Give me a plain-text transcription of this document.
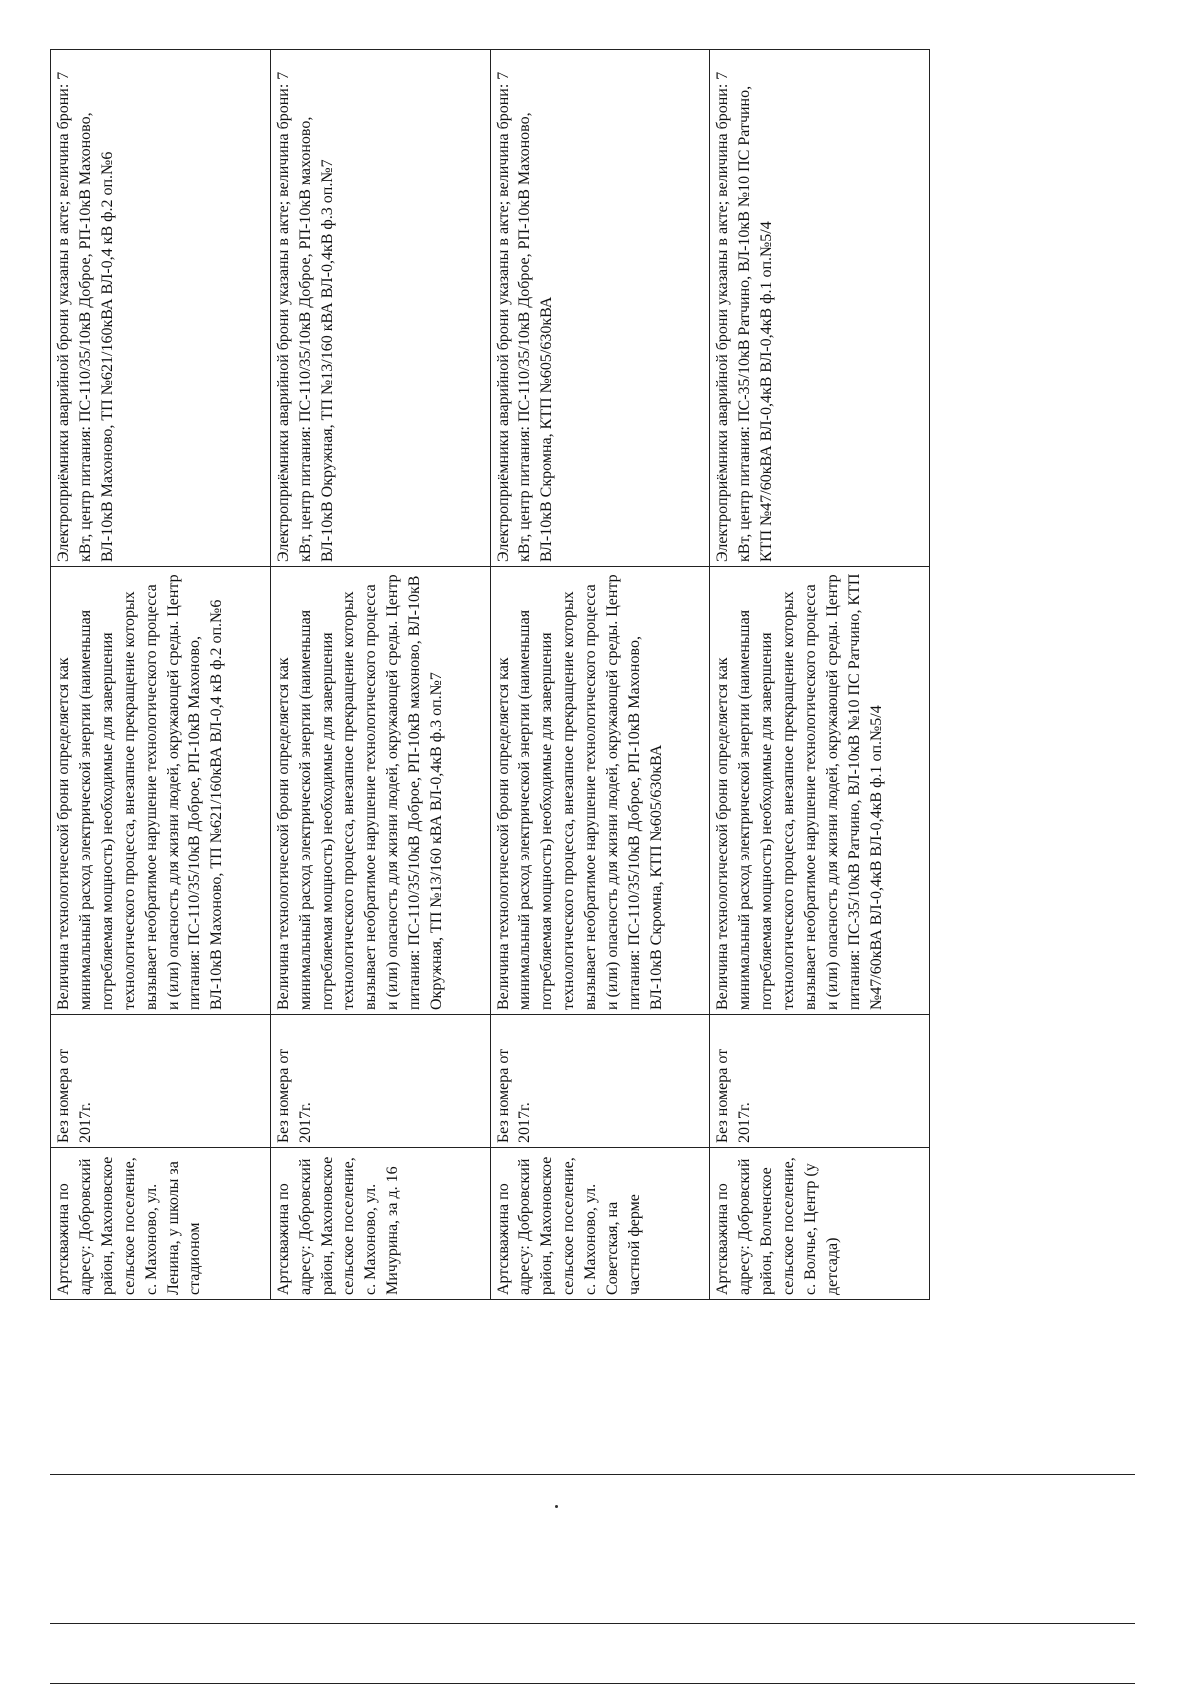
Артскважина по адресу: Добровский район, Махоновское сельское поселение, с. Махоново, ул. Ленина, у школы за стадионом	Без номера от 2017г.	Величина технологической брони определяется как минимальный расход электрической энергии (наименьшая потребляемая мощность) необходимые для завершения технологического процесса, внезапное прекращение которых вызывает необратимое нарушение технологического процесса и (или) опасность для жизни людей, окружающей среды. Центр питания: ПС-110/35/10кВ Доброе, РП-10кВ Махоново, ВЛ-10кВ Махоново, ТП №621/160кВА ВЛ-0,4 кВ ф.2 оп.№6	Электроприёмники аварийной брони указаны в акте; величина брони: 7 кВт, центр питания: ПС-110/35/10кВ Доброе, РП-10кВ Махоново, ВЛ-10кВ Махоново, ТП №621/160кВА ВЛ-0,4 кВ ф.2 оп.№6
Артскважина по адресу: Добровский район, Махоновское сельское поселение, с. Махоново, ул. Мичурина, за д. 16	Без номера от 2017г.	Величина технологической брони определяется как минимальный расход электрической энергии (наименьшая потребляемая мощность) необходимые для завершения технологического процесса, внезапное прекращение которых вызывает необратимое нарушение технологического процесса и (или) опасность для жизни людей, окружающей среды. Центр питания: ПС-110/35/10кВ Доброе, РП-10кВ махоново, ВЛ-10кВ Окружная, ТП №13/160 кВА ВЛ-0,4кВ ф.3 оп.№7	Электроприёмники аварийной брони указаны в акте; величина брони: 7 кВт, центр питания: ПС-110/35/10кВ Доброе, РП-10кВ махоново, ВЛ-10кВ Окружная, ТП №13/160 кВА ВЛ-0,4кВ ф.3 оп.№7
Артскважина по адресу: Добровский район, Махоновское сельское поселение, с. Махоново, ул. Советская, на частной ферме	Без номера от 2017г.	Величина технологической брони определяется как минимальный расход электрической энергии (наименьшая потребляемая мощность) необходимые для завершения технологического процесса, внезапное прекращение которых вызывает необратимое нарушение технологического процесса и (или) опасность для жизни людей, окружающей среды. Центр питания: ПС-110/35/10кВ Доброе, РП-10кВ Махоново, ВЛ-10кВ Скромна, КТП №605/630кВА	Электроприёмники аварийной брони указаны в акте; величина брони: 7 кВт, центр питания: ПС-110/35/10кВ Доброе, РП-10кВ Махоново, ВЛ-10кВ Скромна, КТП №605/630кВА
Артскважина по адресу: Добровский район, Волченское сельское поселение, с. Волчье, Центр (у детсада)	Без номера от 2017г.	Величина технологической брони определяется как минимальный расход электрической энергии (наименьшая потребляемая мощность) необходимые для завершения технологического процесса, внезапное прекращение которых вызывает необратимое нарушение технологического процесса и (или) опасность для жизни людей, окружающей среды. Центр питания: ПС-35/10кВ Ратчино, ВЛ-10кВ №10 ПС Ратчино, КТП №47/60кВА ВЛ-0,4кВ ВЛ-0,4кВ ф.1 оп.№5/4	Электроприёмники аварийной брони указаны в акте; величина брони: 7 кВт, центр питания: ПС-35/10кВ Ратчино, ВЛ-10кВ №10 ПС Ратчино, КТП №47/60кВА ВЛ-0,4кВ ВЛ-0,4кВ ф.1 оп.№5/4
